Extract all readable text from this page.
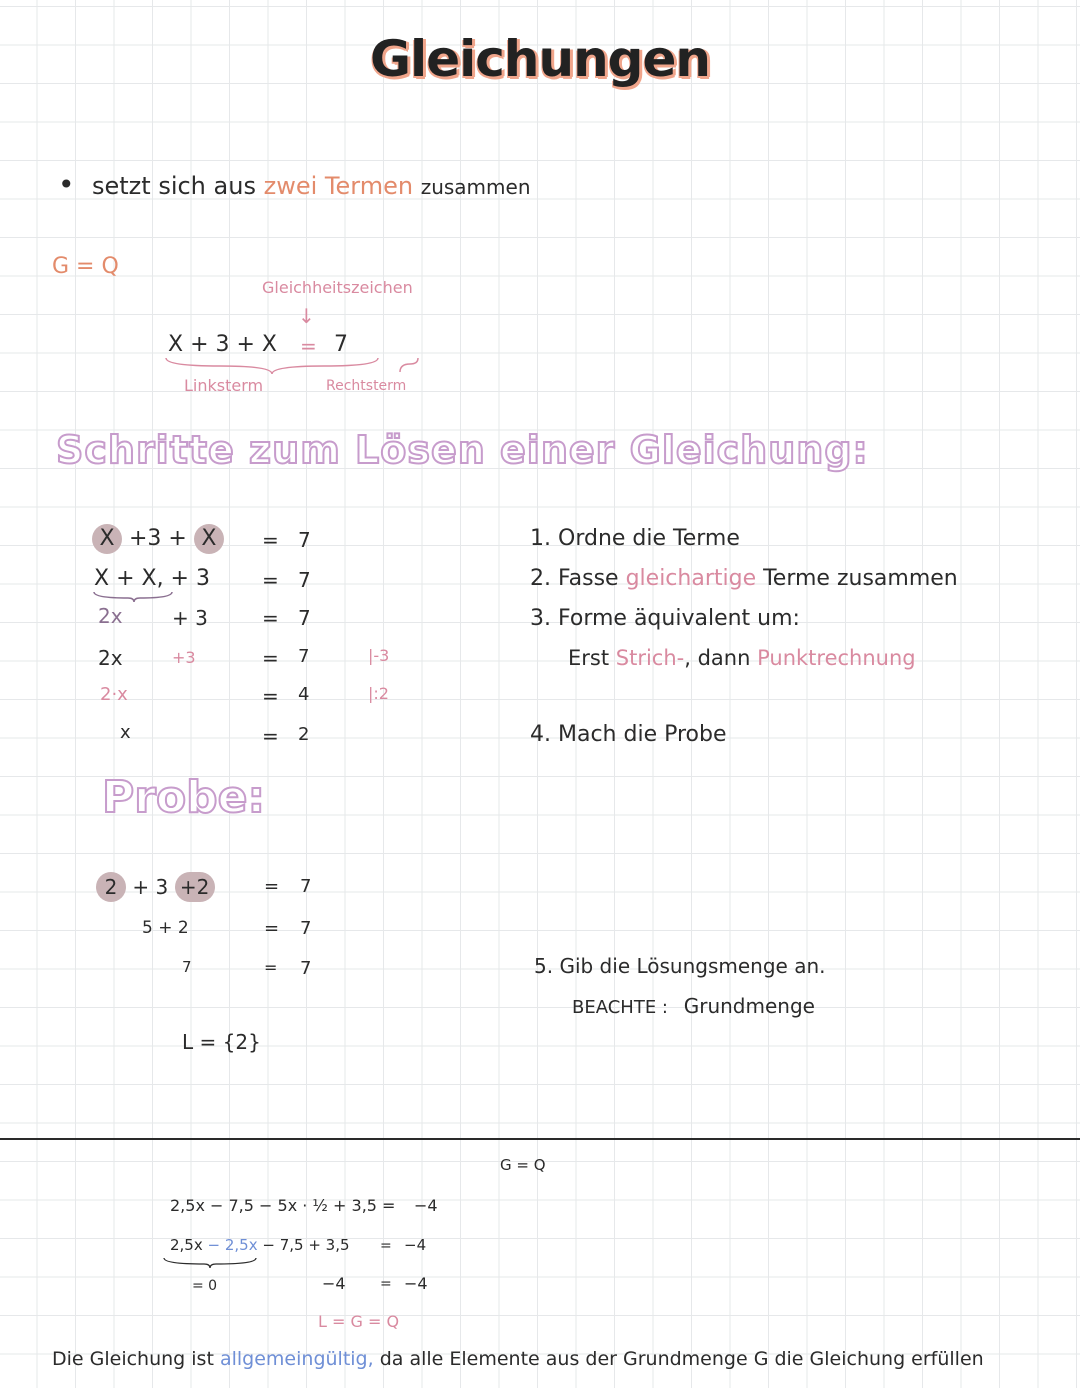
Gleichungen
• setzt sich aus zwei Termen zusammen
G = Q
Gleichheitszeichen
↓
X + 3 + X = 7
Linksterm	Rechtsterm
Schritte zum Lösen einer Gleichung:
X +3 + X	= 7
X + X, + 3	= 7
2x + 3	= 7
2x	+3	= 7	|-3
2·x	= 4	|:2
x	= 2
1. Ordne die Terme
2. Fasse gleichartige Terme zusammen
3. Forme äquivalent um:
Erst Strich-, dann Punktrechnung
4. Mach die Probe
Probe:
2 + 3 +2	= 7
5 + 2	= 7
7	= 7
L = {2}
5. Gib die Lösungsmenge an.
BEACHTE : Grundmenge
G = Q
2,5x − 7,5 − 5x · ½ + 3,5 = −4
2,5x − 2,5x − 7,5 + 3,5 = −4
= 0	−4 = −4
L = G = Q
Die Gleichung ist allgemeingültig, da alle Elemente aus der Grundmenge G die Gleichung erfüllen
